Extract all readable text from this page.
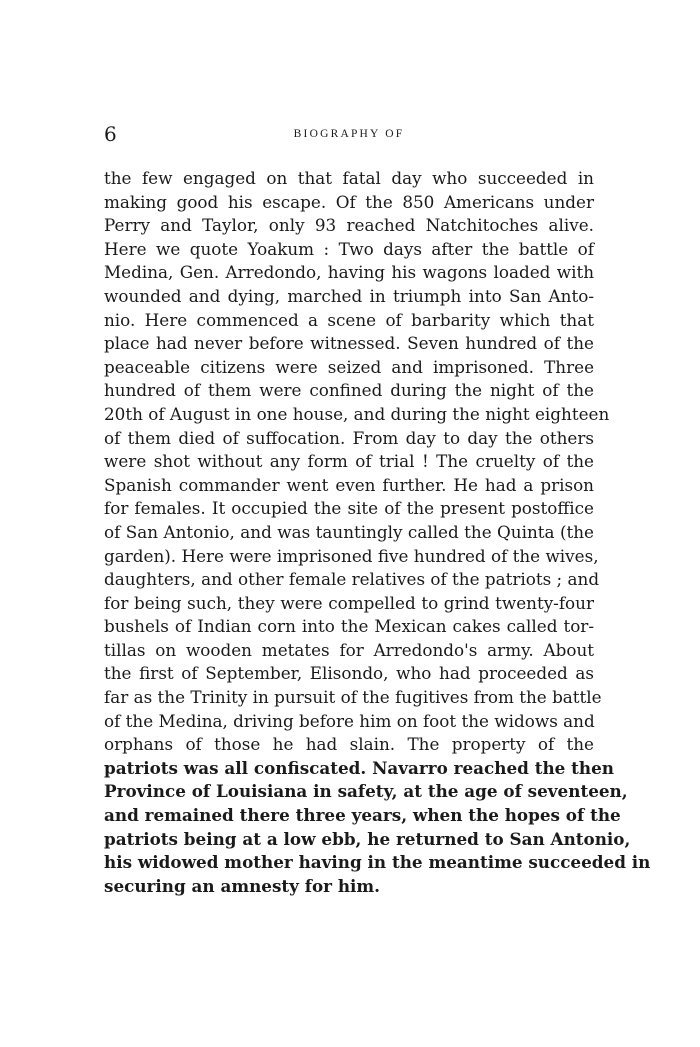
6	BIOGRAPHY OF
the few engaged on that fatal day who succeeded in
making good his escape. Of the 850 Americans under
Perry and Taylor, only 93 reached Natchitoches alive.
Here we quote Yoakum : Two days after the battle of
Medina, Gen. Arredondo, having his wagons loaded with
wounded and dying, marched in triumph into San Anto-
nio. Here commenced a scene of barbarity which that
place had never before witnessed. Seven hundred of the
peaceable citizens were seized and imprisoned. Three
hundred of them were confined during the night of the
20th of August in one house, and during the night eighteen
of them died of suffocation. From day to day the others
were shot without any form of trial ! The cruelty of the
Spanish commander went even further. He had a prison
for females. It occupied the site of the present postoffice
of San Antonio, and was tauntingly called the Quinta (the
garden). Here were imprisoned five hundred of the wives,
daughters, and other female relatives of the patriots ; and
for being such, they were compelled to grind twenty-four
bushels of Indian corn into the Mexican cakes called tor-
tillas on wooden metates for Arredondo's army. About
the first of September, Elisondo, who had proceeded as
far as the Trinity in pursuit of the fugitives from the battle
of the Medina, driving before him on foot the widows and
orphans of those he had slain. The property of the
patriots was all confiscated. Navarro reached the then
Province of Louisiana in safety, at the age of seventeen,
and remained there three years, when the hopes of the
patriots being at a low ebb, he returned to San Antonio,
his widowed mother having in the meantime succeeded in
securing an amnesty for him.
